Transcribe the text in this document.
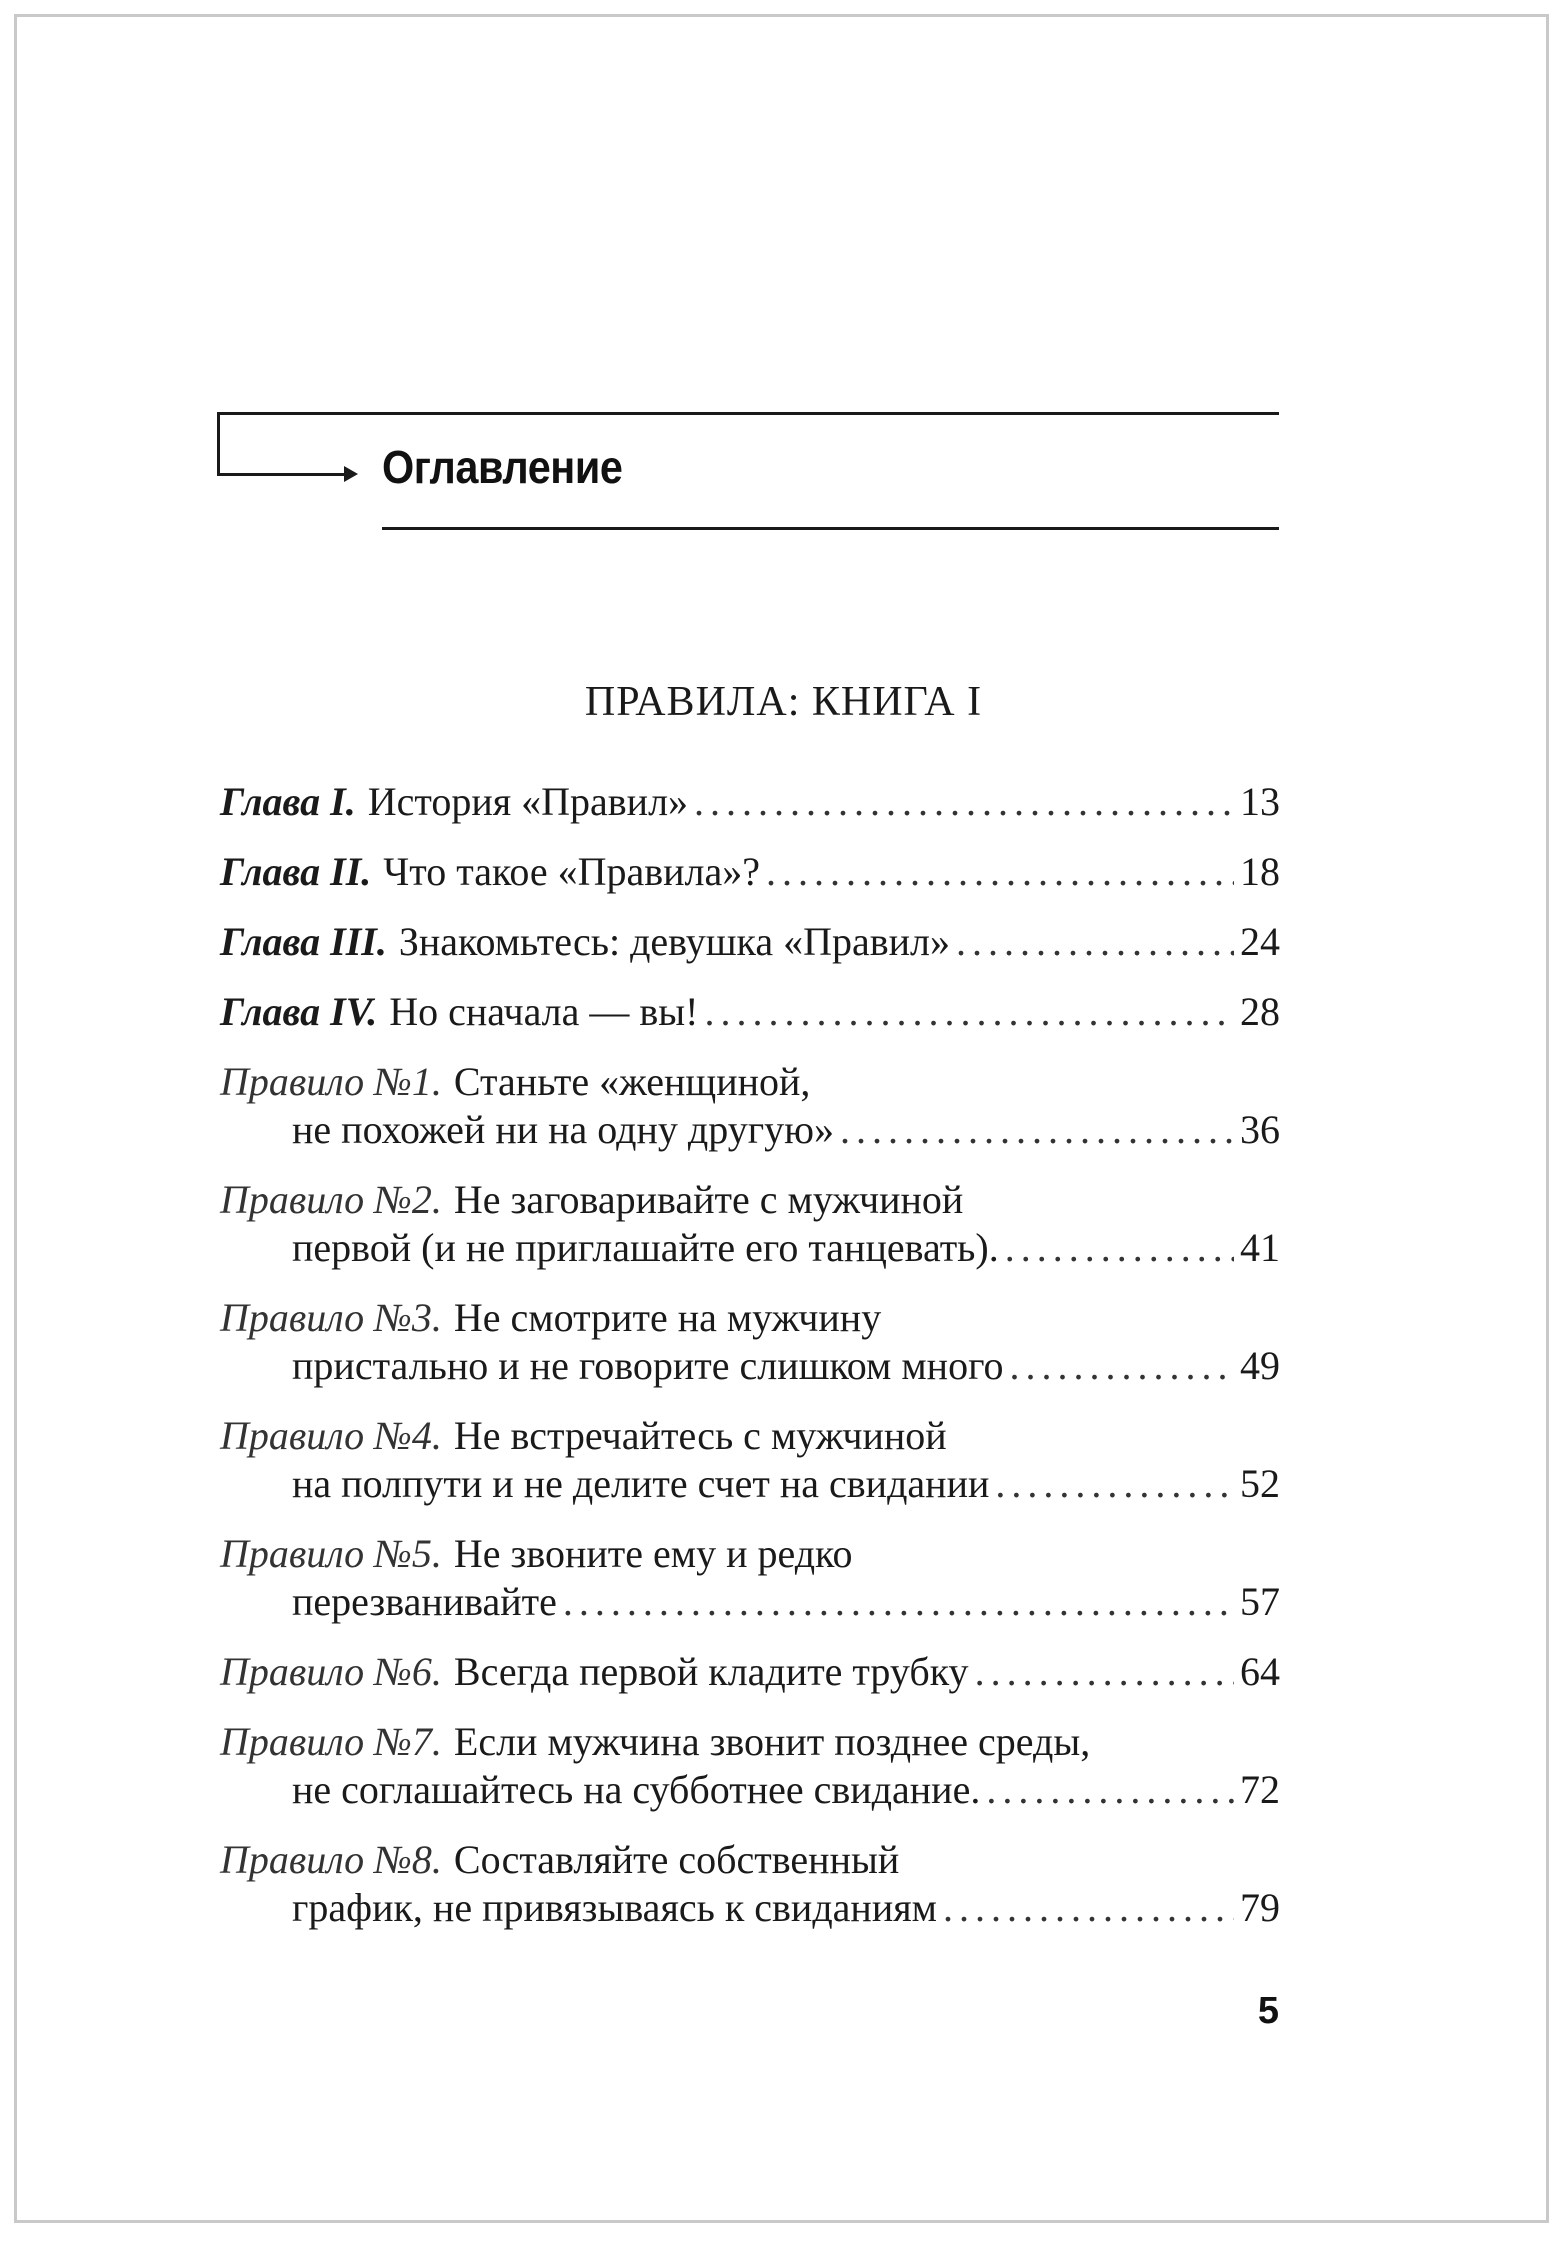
Оглавление
ПРАВИЛА: КНИГА I
Глава I. История «Правил» . . .	13
Глава II. Что такое «Правила»? . . .	18
Глава III. Знакомьтесь: девушка «Правил» . . .	24
Глава IV. Но сначала — вы! . . .	28
Правило №1. Станьте «женщиной,
не похожей ни на одну другую» . . .	36
Правило №2. Не заговаривайте с мужчиной
первой (и не приглашайте его танцевать). . . .	41
Правило №3. Не смотрите на мужчину
пристально и не говорите слишком много . . .	49
Правило №4. Не встречайтесь с мужчиной
на полпути и не делите счет на свидании . . .	52
Правило №5. Не звоните ему и редко
перезванивайте . . .	57
Правило №6. Всегда первой кладите трубку . . .	64
Правило №7. Если мужчина звонит позднее среды,
не соглашайтесь на субботнее свидание. . . .	72
Правило №8. Составляйте собственный
график, не привязываясь к свиданиям . . .	79
5
